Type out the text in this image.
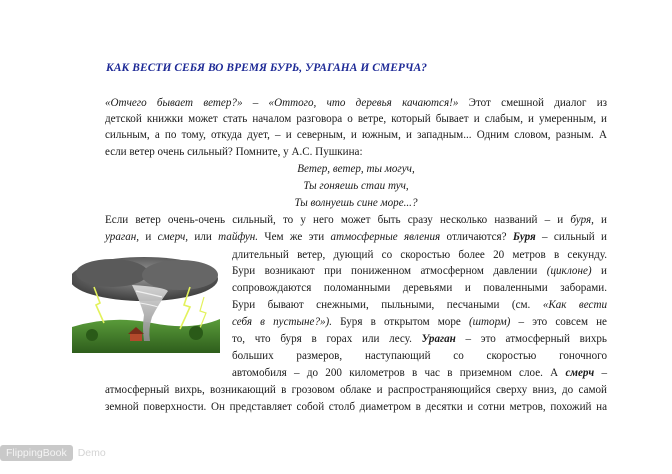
КАК ВЕСТИ СЕБЯ ВО ВРЕМЯ БУРЬ, УРАГАНА И СМЕРЧА?
«Отчего бывает ветер?» – «Оттого, что деревья качаются!» Этот смешной диалог из
детской книжки может стать началом разговора о ветре, который бывает и слабым, и умеренным, и
сильным, а по тому, откуда дует, – и северным, и южным, и западным... Одним словом, разным. А
если ветер очень сильный? Помните, у А.С. Пушкина:
Ветер, ветер, ты могуч,
Ты гоняешь стаи туч,
Ты волнуешь сине море...?
Если ветер очень-очень сильный, то у него может быть сразу несколько названий – и буря, и
ураган, и смерч, или тайфун. Чем же эти атмосферные явления отличаются? Буря – сильный и
длительный ветер, дующий со скоростью более 20 метров в секунду.
Бури возникают при пониженном атмосферном давлении (циклоне) и
сопровождаются поломанными деревьями и поваленными заборами.
Бури бывают снежными, пыльными, песчаными (см. «Как вести
себя в пустыне?»). Буря в открытом море (шторм) – это совсем не
то, что буря в горах или лесу. Ураган – это атмосферный вихрь
больших размеров, наступающий со скоростью гоночного
автомобиля – до 200 километров в час в приземном слое. А смерч –
атмосферный вихрь, возникающий в грозовом облаке и распространяющийся сверху вниз, до самой
земной поверхности. Он представляет собой столб диаметром в десятки и сотни метров, похожий на
FlippingBook	Demo
